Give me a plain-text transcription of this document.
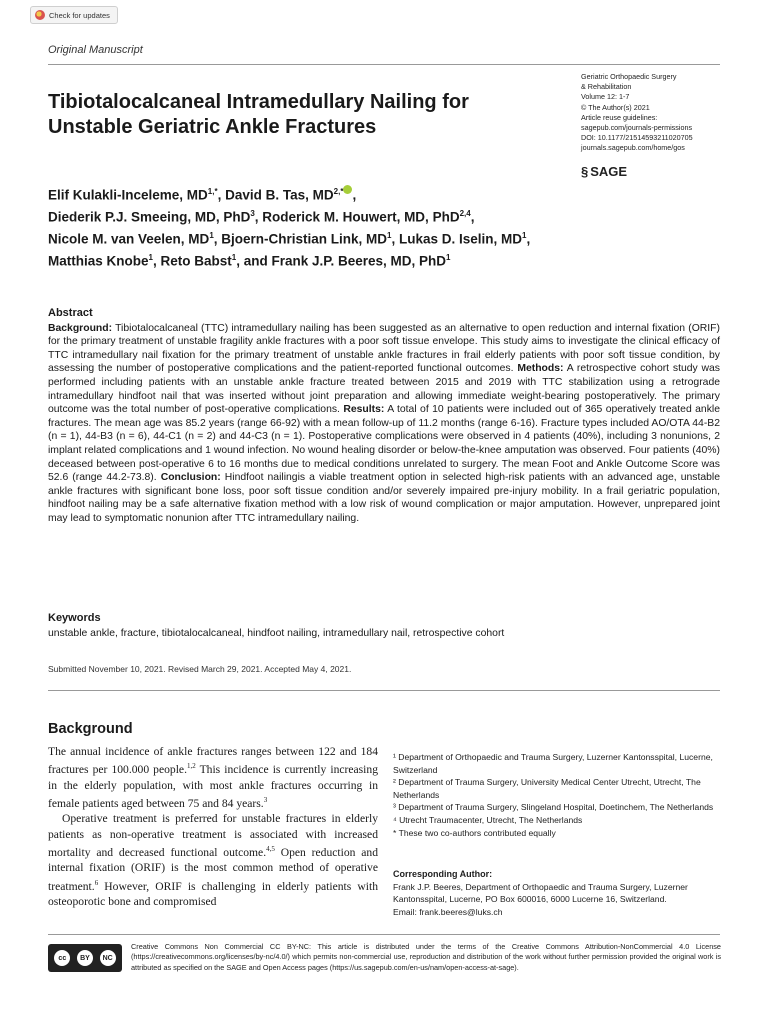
Check for updates
Original Manuscript
Tibiotalocalcaneal Intramedullary Nailing for Unstable Geriatric Ankle Fractures
Geriatric Orthopaedic Surgery
& Rehabilitation
Volume 12: 1-7
© The Author(s) 2021
Article reuse guidelines:
sagepub.com/journals-permissions
DOI: 10.1177/21514593211020705
journals.sagepub.com/home/gos
§ SAGE
Elif Kulakli-Inceleme, $MD^{1,*}$, David B. Tas, $MD^{2,*}$ ,
Diederik P.J. Smeeing, MD, PhD$^3$, Roderick M. Houwert, MD, PhD$^{2,4}$,
Nicole M. van Veelen, $MD^1$, Bjoern-Christian Link, $MD^1$, Lukas D. Iselin, $MD^1$,
Matthias Knobe$^1$, Reto Babst$^1$, and Frank J.P. Beeres, MD, PhD$^1$
Abstract
Background: Tibiotalocalcaneal (TTC) intramedullary nailing has been suggested as an alternative to open reduction and internal fixation (ORIF) for the primary treatment of unstable fragility ankle fractures with a poor soft tissue envelope. This study aims to investigate the clinical efficacy of TTC intramedullary nail fixation for the primary treatment of unstable ankle fractures in frail elderly patients with poor soft tissue condition, by assessing the number of postoperative complications and the patient-reported functional outcomes. Methods: A retrospective cohort study was performed including patients with an unstable ankle fracture treated between 2015 and 2019 with TTC stabilization using a retrograde intramedullary hindfoot nail that was inserted without joint preparation and allowing immediate weight-bearing postoperatively. The primary outcome was the total number of post-operative complications. Results: A total of 10 patients were included out of 365 operatively treated ankle fractures. The mean age was 85.2 years (range 66-92) with a mean follow-up of 11.2 months (range 6-16). Fracture types included AO/OTA 44-B2 (n = 1), 44-B3 (n = 6), 44-C1 (n = 2) and 44-C3 (n = 1). Postoperative complications were observed in 4 patients (40%), including 3 nonunions, 2 implant related complications and 1 wound infection. No wound healing disorder or below-the-knee amputation was observed. Four patients (40%) deceased between post-operative 6 to 16 months due to medical conditions unrelated to surgery. The mean Foot and Ankle Outcome Score was 52.6 (range 44.2-73.8). Conclusion: Hindfoot nailingis a viable treatment option in selected high-risk patients with an advanced age, unstable ankle fractures with significant bone loss, poor soft tissue condition and/or severely impaired pre-injury mobility. In a frail geriatric population, hindfoot nailing may be a safe alternative fixation method with a low risk of wound complication or major amputation. However, unprepared joint may lead to symptomatic nonunion after TTC intramedullary nailing.
Keywords
unstable ankle, fracture, tibiotalocalcaneal, hindfoot nailing, intramedullary nail, retrospective cohort
Submitted November 10, 2021. Revised March 29, 2021. Accepted May 4, 2021.
Background

The annual incidence of ankle fractures ranges between 122 and 184 fractures per 100.000 people.$^{1,2}$ This incidence is currently increasing in the elderly population, with most ankle fractures occurring in female patients aged between 75 and 84 years.$^3$

Operative treatment is preferred for unstable fractures in elderly patients as non-operative treatment is associated with increased mortality and decreased functional outcome.$^{4,5}$ Open reduction and internal fixation (ORIF) is the most common method of operative treatment.$^6$ However, ORIF is challenging in elderly patients with osteoporotic bone and compromised

¹ Department of Orthopaedic and Trauma Surgery, Luzerner Kantonsspital, Lucerne, Switzerland
² Department of Trauma Surgery, University Medical Center Utrecht, Utrecht, The Netherlands
³ Department of Trauma Surgery, Slingeland Hospital, Doetinchem, The Netherlands
⁴ Utrecht Traumacenter, Utrecht, The Netherlands
* These two co-authors contributed equally
Corresponding Author:
Frank J.P. Beeres, Department of Orthopaedic and Trauma Surgery, Luzerner Kantonsspital, Lucerne, PO Box 600016, 6000 Lucerne 16, Switzerland.
Email: frank.beeres@luks.ch
cc	BY	NC
Creative Commons Non Commercial CC BY-NC: This article is distributed under the terms of the Creative Commons Attribution-NonCommercial 4.0 License (https://creativecommons.org/licenses/by-nc/4.0/) which permits non-commercial use, reproduction and distribution of the work without further permission provided the original work is attributed as specified on the SAGE and Open Access pages (https://us.sagepub.com/en-us/nam/open-access-at-sage).
